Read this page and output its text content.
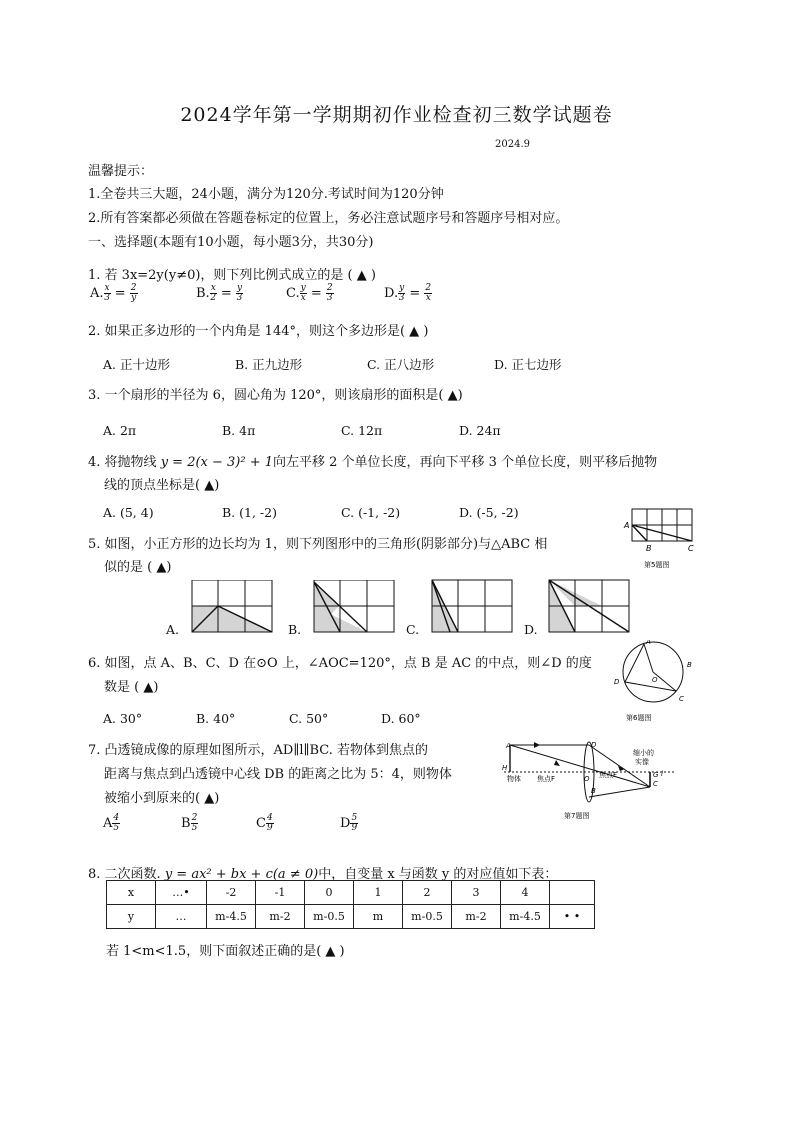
2024学年第一学期期初作业检查初三数学试题卷
2024.9
温馨提示：
1.全卷共三大题，24小题，满分为120分.考试时间为120分钟
2.所有答案都必须做在答题卷标定的位置上，务必注意试题序号和答题序号相对应。
一、选择题(本题有10小题，每小题3分，共30分)
1. 若 3x=2y(y≠0)，则下列比例式成立的是 ( ▲ )
A. $\frac{x}{3} = \frac{2}{y}$	B. $\frac{x}{2} = \frac{y}{3}$	C. $\frac{y}{x} = \frac{2}{3}$	D. $\frac{y}{3} = \frac{2}{x}$
2. 如果正多边形的一个内角是 144°，则这个多边形是( ▲ )
A. 正十边形	B. 正九边形	C. 正八边形	D. 正七边形
3. 一个扇形的半径为 6，圆心角为 120°，则该扇形的面积是( ▲)
A. 2π	B. 4π	C. 12π	D. 24π
4. 将抛物线 y = 2(x − 3)² + 1向左平移 2 个单位长度，再向下平移 3 个单位长度，则平移后抛物
线的顶点坐标是( ▲)
A. (5, 4)	B. (1, -2)	C. (-1, -2)	D. (-5, -2)
5. 如图，小正方形的边长均为 1，则下列图形中的三角形(阴影部分)与△ABC 相
似的是 ( ▲)
A
B	C
第5题图
A.	B.	C.	D.
6. 如图，点 A、B、C、D 在⊙O 上，∠AOC=120°，点 B 是 AC 的中点，则∠D 的度
数是 ( ▲)
A
B
C
D	O
第6题图
A. 30°	B. 40°	C. 50°	D. 60°
7. 凸透镜成像的原理如图所示，AD∥l∥BC. 若物体到焦点的
距离与焦点到凸透镜中心线 DB 的距离之比为 5：4，则物体
被缩小到原来的( ▲)
A
H
物体 焦点F	O 焦点F
D
B
G
C
l
缩小的
实像
第7题图
A $\frac{4}{5}$	B $\frac{2}{5}$	C $\frac{4}{9}$	D $\frac{5}{9}$
8. 二次函数. y = ax² + bx + c(a ≠ 0)中，自变量 x 与函数 y 的对应值如下表：
x	…•	-2	-1	0	1	2	3	4	
y	…	m-4.5	m-2	m-0.5	m	m-0.5	m-2	m-4.5	• •
若 1<m<1.5，则下面叙述正确的是( ▲ )
